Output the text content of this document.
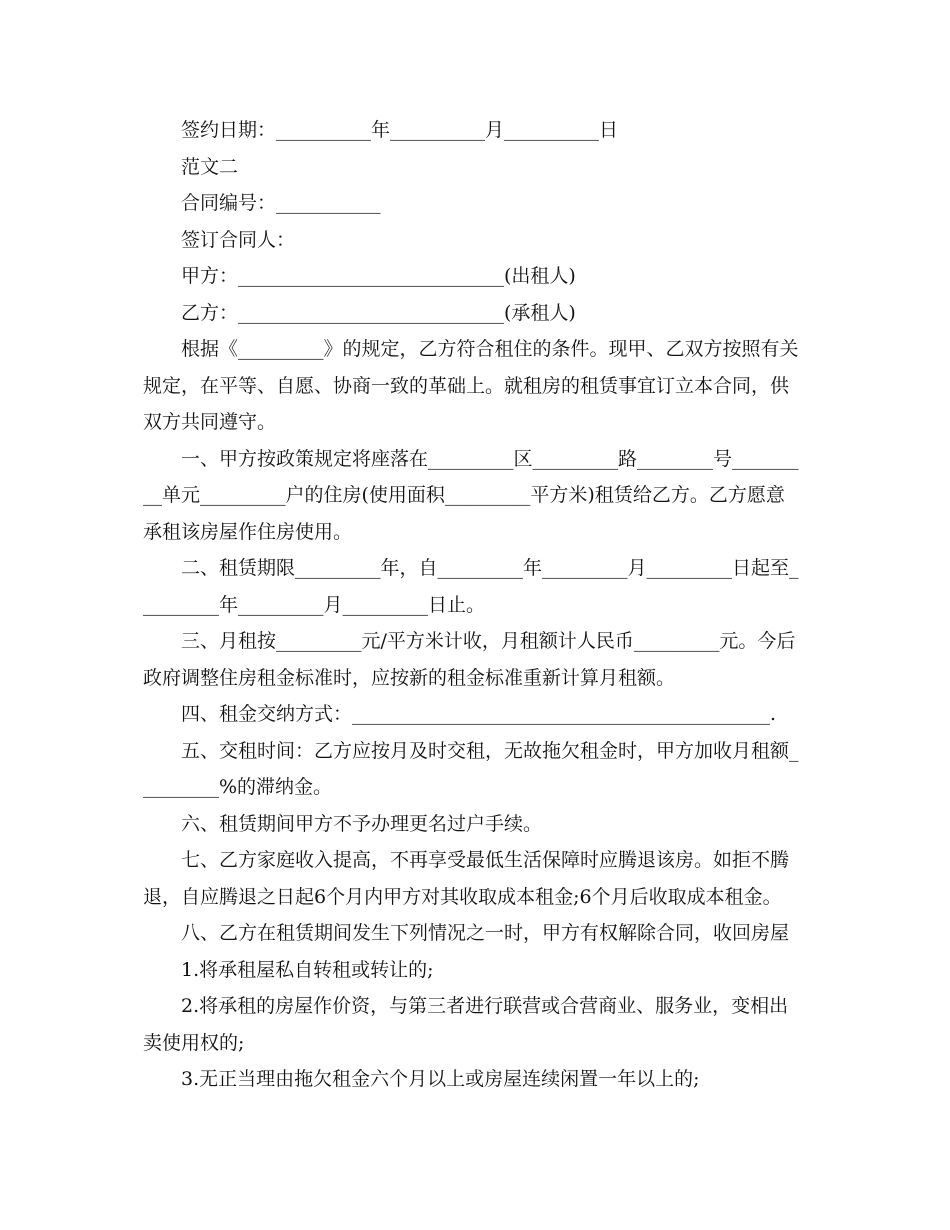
签约日期：__________年__________月__________日

范文二

合同编号：___________

签订合同人：

甲方：____________________________(出租人)

乙方：____________________________(承租人)

根据《_________》的规定，乙方符合租住的条件。现甲、乙双方按照有关规定，在平等、自愿、协商一致的革础上。就租房的租赁事宜订立本合同，供双方共同遵守。

一、甲方按政策规定将座落在_________区_________路________号_________单元_________户的住房(使用面积_________平方米)租赁给乙方。乙方愿意承租该房屋作住房使用。

二、租赁期限_________年，自_________年_________月_________日起至_________年_________月_________日止。

三、月租按_________元/平方米计收，月租额计人民币_________元。今后政府调整住房租金标准时，应按新的租金标准重新计算月租额。

四、租金交纳方式：____________________________________________.

五、交租时间：乙方应按月及时交租，无故拖欠租金时，甲方加收月租额_________%的滞纳金。

六、租赁期间甲方不予办理更名过户手续。

七、乙方家庭收入提高，不再享受最低生活保障时应腾退该房。如拒不腾退，自应腾退之日起6个月内甲方对其收取成本租金;6个月后收取成本租金。

八、乙方在租赁期间发生下列情况之一时，甲方有权解除合同，收回房屋

1.将承租屋私自转租或转让的;

2.将承租的房屋作价资，与第三者进行联营或合营商业、服务业，变相出卖使用权的;

3.无正当理由拖欠租金六个月以上或房屋连续闲置一年以上的;
